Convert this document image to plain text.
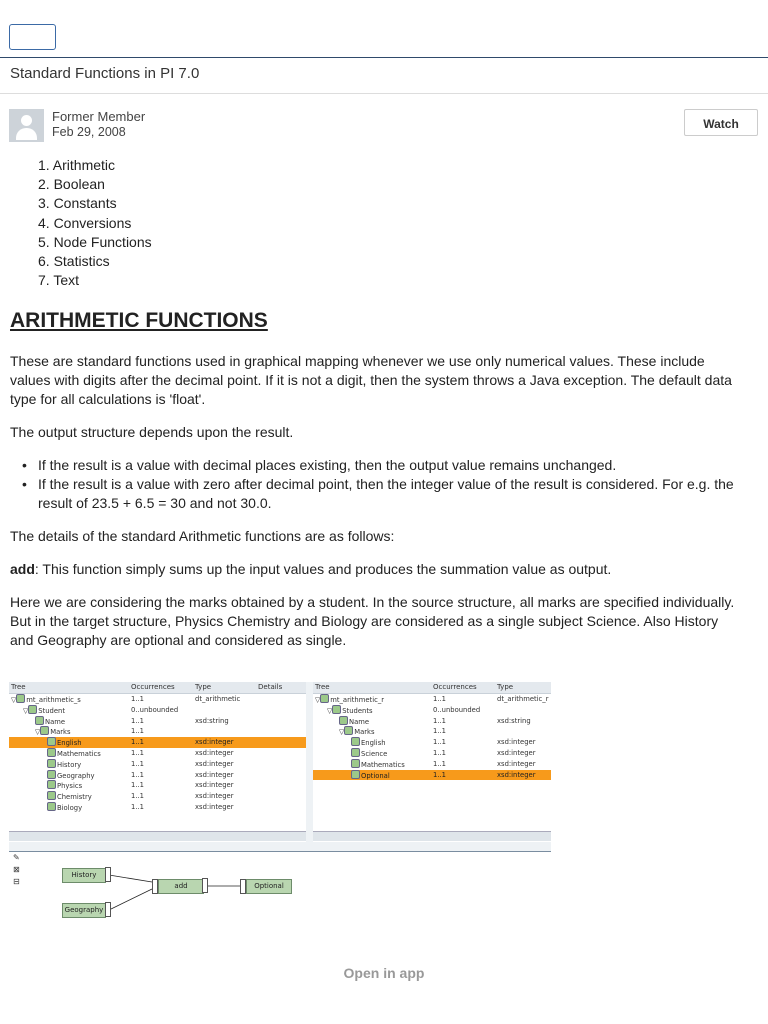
Standard Functions in PI 7.0
Former Member
Feb 29, 2008
Watch
1. Arithmetic
2. Boolean
3. Constants
4. Conversions
5. Node Functions
6. Statistics
7. Text
ARITHMETIC FUNCTIONS

These are standard functions used in graphical mapping whenever we use only numerical values. These include values with digits after the decimal point. If it is not a digit, then the system throws a Java exception. The default data type for all calculations is 'float'.

The output structure depends upon the result.

• If the result is a value with decimal places existing, then the output value remains unchanged.
• If the result is a value with zero after decimal point, then the integer value of the result is considered. For e.g. the result of 23.5 + 6.5 = 30 and not 30.0.

The details of the standard Arithmetic functions are as follows:

add: This function simply sums up the input values and produces the summation value as output.

Here we are considering the marks obtained by a student. In the source structure, all marks are specified individually. But in the target structure, Physics Chemistry and Biology are considered as a single subject Science. Also History and Geography are optional and considered as single.

Tree	Occurrences	Type	Details
▽ mt_arithmetic_s	1..1	dt_arithmetic
▽ Student	0..unbounded
Name	1..1	xsd:string
▽ Marks	1..1
English	1..1	xsd:integer
Mathematics	1..1	xsd:integer
History	1..1	xsd:integer
Geography	1..1	xsd:integer
Physics	1..1	xsd:integer
Chemistry	1..1	xsd:integer
Biology	1..1	xsd:integer
Tree	Occurrences	Type
▽ mt_arithmetic_r	1..1	dt_arithmetic_r
▽ Students	0..unbounded
Name	1..1	xsd:string
▽ Marks	1..1
English	1..1	xsd:integer
Science	1..1	xsd:integer
Mathematics	1..1	xsd:integer
Optional	1..1	xsd:integer
History
Geography
add	Optional
✎
⊠
⊟
Open in app
